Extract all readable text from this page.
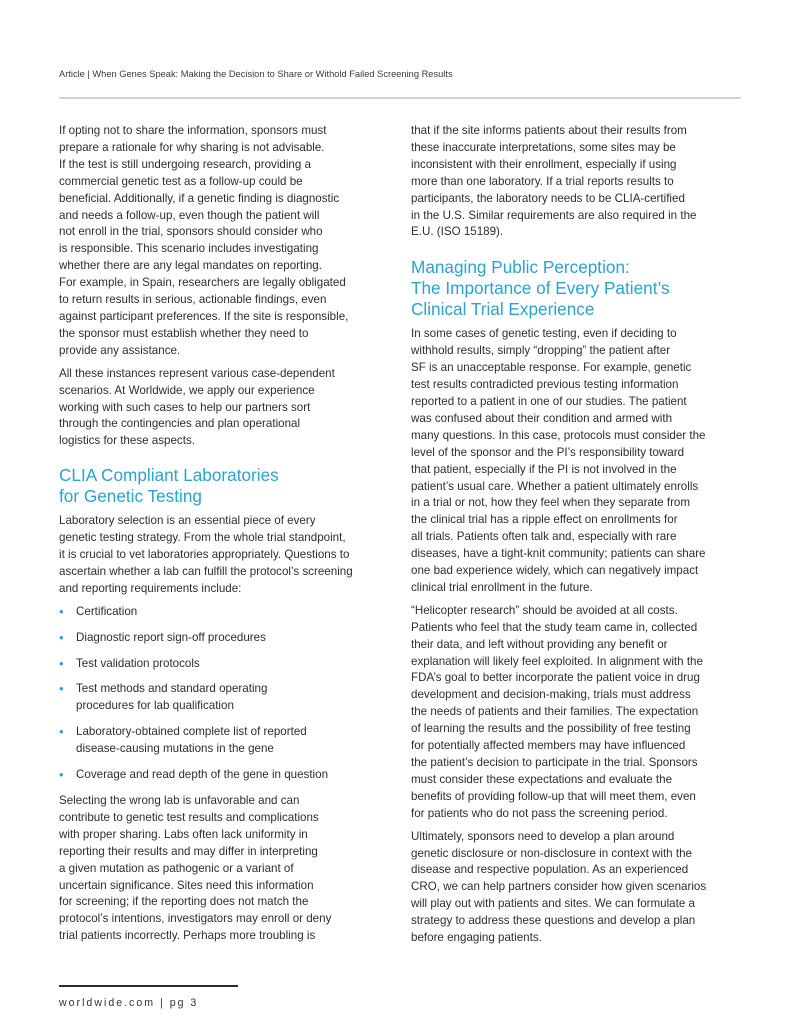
Article | When Genes Speak: Making the Decision to Share or Withold Failed Screening Results

If opting not to share the information, sponsors must
prepare a rationale for why sharing is not advisable.
If the test is still undergoing research, providing a
commercial genetic test as a follow-up could be
beneficial. Additionally, if a genetic finding is diagnostic
and needs a follow-up, even though the patient will
not enroll in the trial, sponsors should consider who
is responsible. This scenario includes investigating
whether there are any legal mandates on reporting.
For example, in Spain, researchers are legally obligated
to return results in serious, actionable findings, even
against participant preferences. If the site is responsible,
the sponsor must establish whether they need to
provide any assistance.

All these instances represent various case-dependent
scenarios. At Worldwide, we apply our experience
working with such cases to help our partners sort
through the contingencies and plan operational
logistics for these aspects.

CLIA Compliant Laboratories
for Genetic Testing

Laboratory selection is an essential piece of every
genetic testing strategy. From the whole trial standpoint,
it is crucial to vet laboratories appropriately. Questions to
ascertain whether a lab can fulfill the protocol’s screening
and reporting requirements include:

• Certification
• Diagnostic report sign-off procedures
• Test validation protocols
• Test methods and standard operating
procedures for lab qualification
• Laboratory-obtained complete list of reported
disease-causing mutations in the gene
• Coverage and read depth of the gene in question

Selecting the wrong lab is unfavorable and can
contribute to genetic test results and complications
with proper sharing. Labs often lack uniformity in
reporting their results and may differ in interpreting
a given mutation as pathogenic or a variant of
uncertain significance. Sites need this information
for screening; if the reporting does not match the
protocol’s intentions, investigators may enroll or deny
trial patients incorrectly. Perhaps more troubling is

that if the site informs patients about their results from
these inaccurate interpretations, some sites may be
inconsistent with their enrollment, especially if using
more than one laboratory. If a trial reports results to
participants, the laboratory needs to be CLIA-certified
in the U.S. Similar requirements are also required in the
E.U. (ISO 15189).

Managing Public Perception:
The Importance of Every Patient’s
Clinical Trial Experience

In some cases of genetic testing, even if deciding to
withhold results, simply “dropping” the patient after
SF is an unacceptable response. For example, genetic
test results contradicted previous testing information
reported to a patient in one of our studies. The patient
was confused about their condition and armed with
many questions. In this case, protocols must consider the
level of the sponsor and the PI’s responsibility toward
that patient, especially if the PI is not involved in the
patient’s usual care. Whether a patient ultimately enrolls
in a trial or not, how they feel when they separate from
the clinical trial has a ripple effect on enrollments for
all trials. Patients often talk and, especially with rare
diseases, have a tight-knit community; patients can share
one bad experience widely, which can negatively impact
clinical trial enrollment in the future.

“Helicopter research” should be avoided at all costs.
Patients who feel that the study team came in, collected
their data, and left without providing any benefit or
explanation will likely feel exploited. In alignment with the
FDA’s goal to better incorporate the patient voice in drug
development and decision-making, trials must address
the needs of patients and their families. The expectation
of learning the results and the possibility of free testing
for potentially affected members may have influenced
the patient’s decision to participate in the trial. Sponsors
must consider these expectations and evaluate the
benefits of providing follow-up that will meet them, even
for patients who do not pass the screening period.

Ultimately, sponsors need to develop a plan around
genetic disclosure or non-disclosure in context with the
disease and respective population. As an experienced
CRO, we can help partners consider how given scenarios
will play out with patients and sites. We can formulate a
strategy to address these questions and develop a plan
before engaging patients.

worldwide.com | pg 3
